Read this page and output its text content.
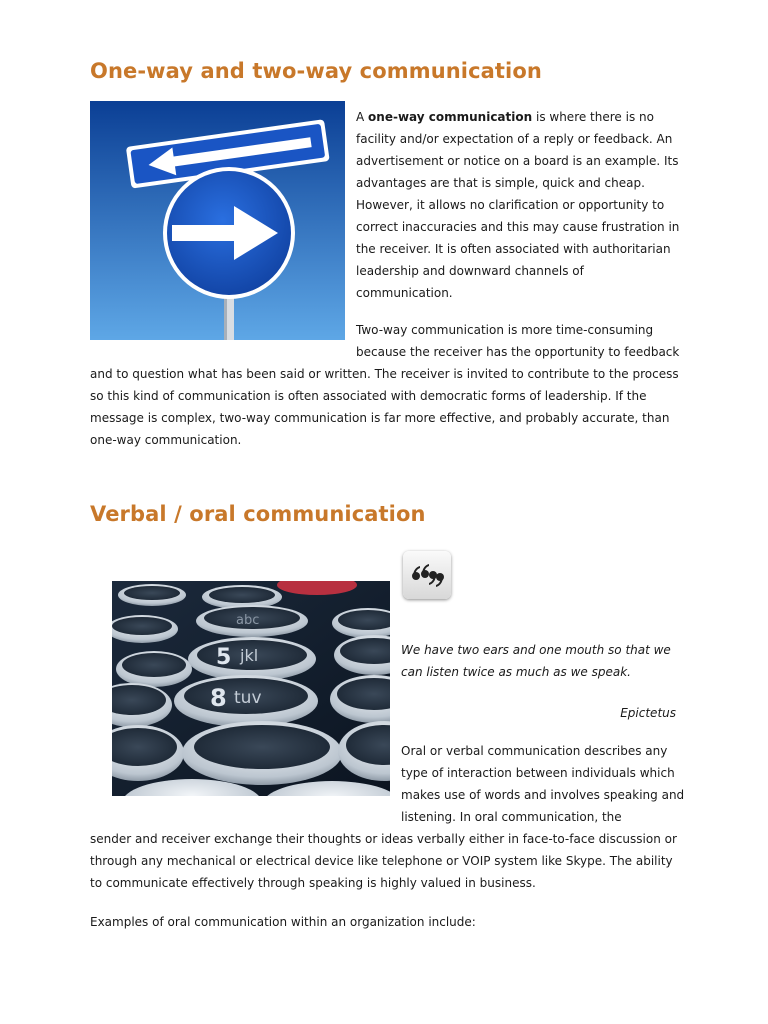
One-way and two-way communication

A one-way communication is where there is no facility and/or expectation of a reply or feedback. An advertisement or notice on a board is an example. Its advantages are that is simple, quick and cheap. However, it allows no clarification or opportunity to correct inaccuracies and this may cause frustration in the receiver. It is often associated with authoritarian leadership and downward channels of communication.

Two-way communication is more time-consuming because the receiver has the opportunity to feedback

and to question what has been said or written. The receiver is invited to contribute to the process so this kind of communication is often associated with democratic forms of leadership. If the message is complex, two-way communication is far more effective, and probably accurate, than one-way communication.

Verbal / oral communication
abc
5 jkl
8 tuv

We have two ears and one mouth so that we can listen twice as much as we speak.

Epictetus

Oral or verbal communication describes any type of interaction between individuals which makes use of words and involves speaking and listening. In oral communication, the

sender and receiver exchange their thoughts or ideas verbally either in face-to-face discussion or through any mechanical or electrical device like telephone or VOIP system like Skype. The ability to communicate effectively through speaking is highly valued in business.

Examples of oral communication within an organization include:
